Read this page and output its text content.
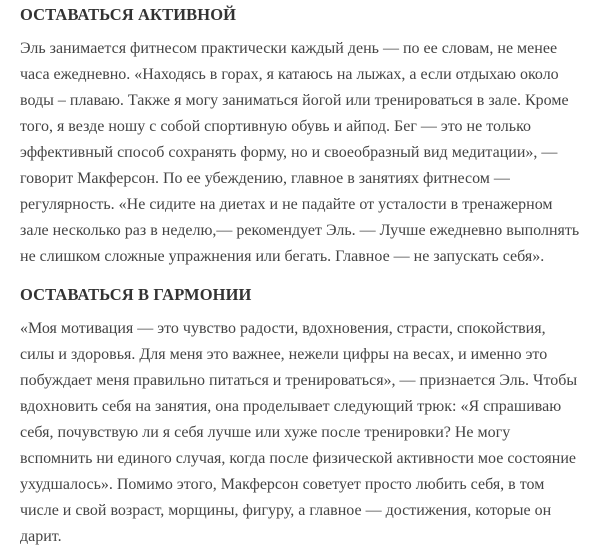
ОСТАВАТЬСЯ АКТИВНОЙ

Эль занимается фитнесом практически каждый день — по ее словам, не менее
часа ежедневно. «Находясь в горах, я катаюсь на лыжах, а если отдыхаю около
воды – плаваю. Также я могу заниматься йогой или тренироваться в зале. Кроме
того, я везде ношу с собой спортивную обувь и айпод. Бег — это не только
эффективный способ сохранять форму, но и своеобразный вид медитации», —
говорит Макферсон. По ее убеждению, главное в занятиях фитнесом —
регулярность. «Не сидите на диетах и не падайте от усталости в тренажерном
зале несколько раз в неделю,— рекомендует Эль. — Лучше ежедневно выполнять
не слишком сложные упражнения или бегать. Главное — не запускать себя».

ОСТАВАТЬСЯ В ГАРМОНИИ

«Моя мотивация — это чувство радости, вдохновения, страсти, спокойствия,
силы и здоровья. Для меня это важнее, нежели цифры на весах, и именно это
побуждает меня правильно питаться и тренироваться», — признается Эль. Чтобы
вдохновить себя на занятия, она проделывает следующий трюк: «Я спрашиваю
себя, почувствую ли я себя лучше или хуже после тренировки? Не могу
вспомнить ни единого случая, когда после физической активности мое состояние
ухудшалось». Помимо этого, Макферсон советует просто любить себя, в том
числе и свой возраст, морщины, фигуру, а главное — достижения, которые он
дарит.
